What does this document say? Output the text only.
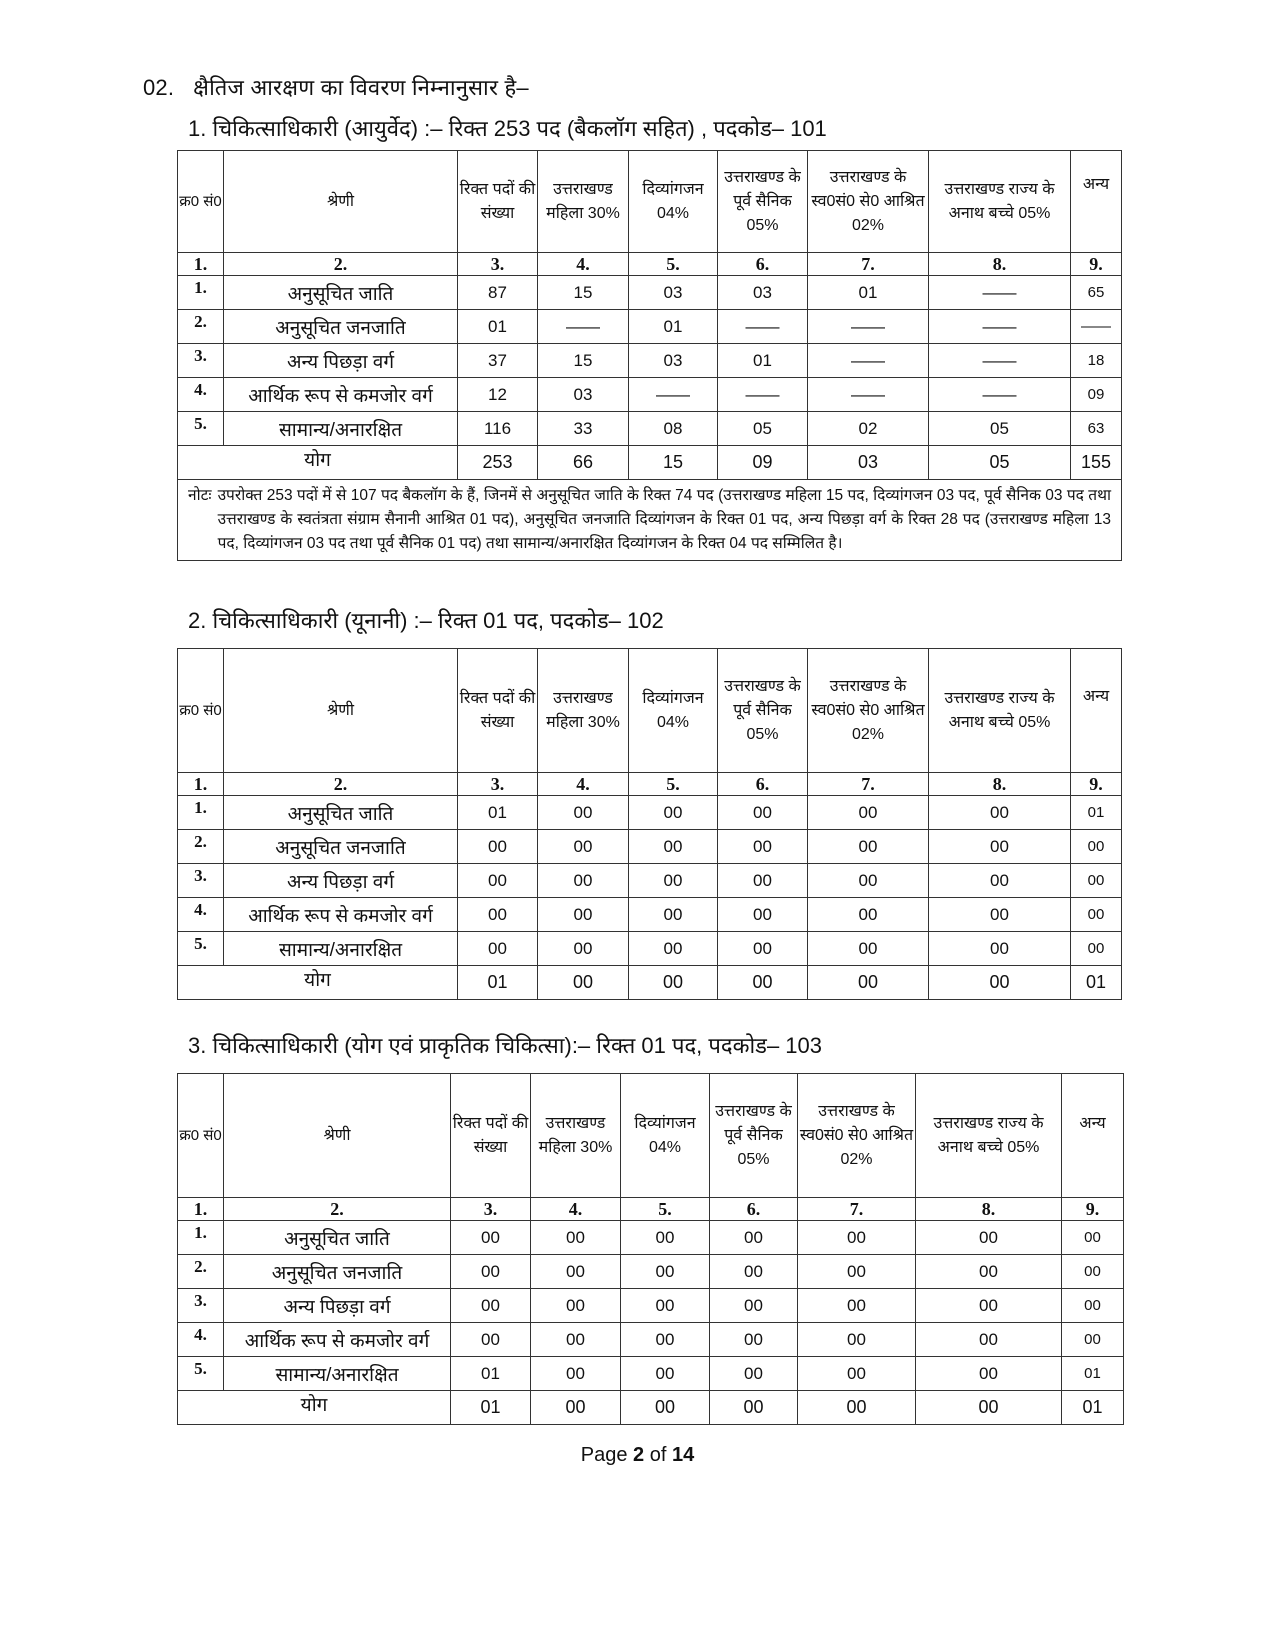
02. क्षैतिज आरक्षण का विवरण निम्नानुसार है–
1. चिकित्साधिकारी (आयुर्वेद) :– रिक्त 253 पद (बैकलॉग सहित) , पदकोड– 101
क्र0 सं0	श्रेणी	रिक्त पदों की संख्या	उत्तराखण्ड महिला 30%	दिव्यांगजन 04%	उत्तराखण्ड के पूर्व सैनिक 05%	उत्तराखण्ड के स्व0सं0 से0 आश्रित 02%	उत्तराखण्ड राज्य के अनाथ बच्चे 05%	अन्य
1.	2.	3.	4.	5.	6.	7.	8.	9.
1.	अनुसूचित जाति	87	15	03	03	01	——	65
2.	अनुसूचित जनजाति	01	——	01	——	——	——	——
3.	अन्य पिछड़ा वर्ग	37	15	03	01	——	——	18
4.	आर्थिक रूप से कमजोर वर्ग	12	03	——	——	——	——	09
5.	सामान्य/अनारक्षित	116	33	08	05	02	05	63
योग		253	66	15	09	03	05	155

नोटः उपरोक्त 253 पदों में से 107 पद बैकलॉग के हैं, जिनमें से अनुसूचित जाति के रिक्त 74 पद (उत्तराखण्ड महिला 15 पद, दिव्यांगजन 03 पद, पूर्व सैनिक 03 पद तथा उत्तराखण्ड के स्वतंत्रता संग्राम सैनानी आश्रित 01 पद), अनुसूचित जनजाति दिव्यांगजन के रिक्त 01 पद, अन्य पिछड़ा वर्ग के रिक्त 28 पद (उत्तराखण्ड महिला 13 पद, दिव्यांगजन 03 पद तथा पूर्व सैनिक 01 पद) तथा सामान्य/अनारक्षित दिव्यांगजन के रिक्त 04 पद सम्मिलित है।								
2. चिकित्साधिकारी (यूनानी) :– रिक्त 01 पद, पदकोड– 102
क्र0 सं0	श्रेणी	रिक्त पदों की संख्या	उत्तराखण्ड महिला 30%	दिव्यांगजन 04%	उत्तराखण्ड के पूर्व सैनिक 05%	उत्तराखण्ड के स्व0सं0 से0 आश्रित 02%	उत्तराखण्ड राज्य के अनाथ बच्चे 05%	अन्य
1.	2.	3.	4.	5.	6.	7.	8.	9.
1.	अनुसूचित जाति	01	00	00	00	00	00	01
2.	अनुसूचित जनजाति	00	00	00	00	00	00	00
3.	अन्य पिछड़ा वर्ग	00	00	00	00	00	00	00
4.	आर्थिक रूप से कमजोर वर्ग	00	00	00	00	00	00	00
5.	सामान्य/अनारक्षित	00	00	00	00	00	00	00
योग		01	00	00	00	00	00	01
3. चिकित्साधिकारी (योग एवं प्राकृतिक चिकित्सा):– रिक्त 01 पद, पदकोड– 103
क्र0 सं0	श्रेणी	रिक्त पदों की संख्या	उत्तराखण्ड महिला 30%	दिव्यांगजन 04%	उत्तराखण्ड के पूर्व सैनिक 05%	उत्तराखण्ड के स्व0सं0 से0 आश्रित 02%	उत्तराखण्ड राज्य के अनाथ बच्चे 05%	अन्य
1.	2.	3.	4.	5.	6.	7.	8.	9.
1.	अनुसूचित जाति	00	00	00	00	00	00	00
2.	अनुसूचित जनजाति	00	00	00	00	00	00	00
3.	अन्य पिछड़ा वर्ग	00	00	00	00	00	00	00
4.	आर्थिक रूप से कमजोर वर्ग	00	00	00	00	00	00	00
5.	सामान्य/अनारक्षित	01	00	00	00	00	00	01
योग		01	00	00	00	00	00	01
Page 2 of 14
